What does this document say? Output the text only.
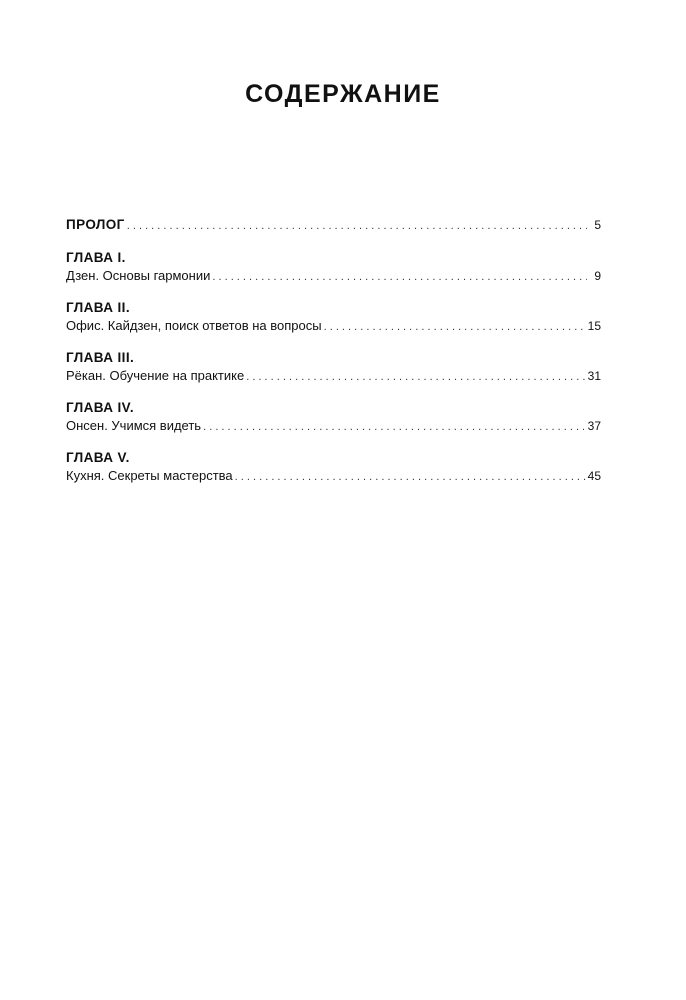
СОДЕРЖАНИЕ
ПРОЛОГ . . .	5
ГЛАВА I.
Дзен. Основы гармонии . . .	9
ГЛАВА II.
Офис. Кайдзен, поиск ответов на вопросы . . .	15
ГЛАВА III.
Рёкан. Обучение на практике . . .	31
ГЛАВА IV.
Онсен. Учимся видеть . . .	37
ГЛАВА V.
Кухня. Секреты мастерства . . .	45
